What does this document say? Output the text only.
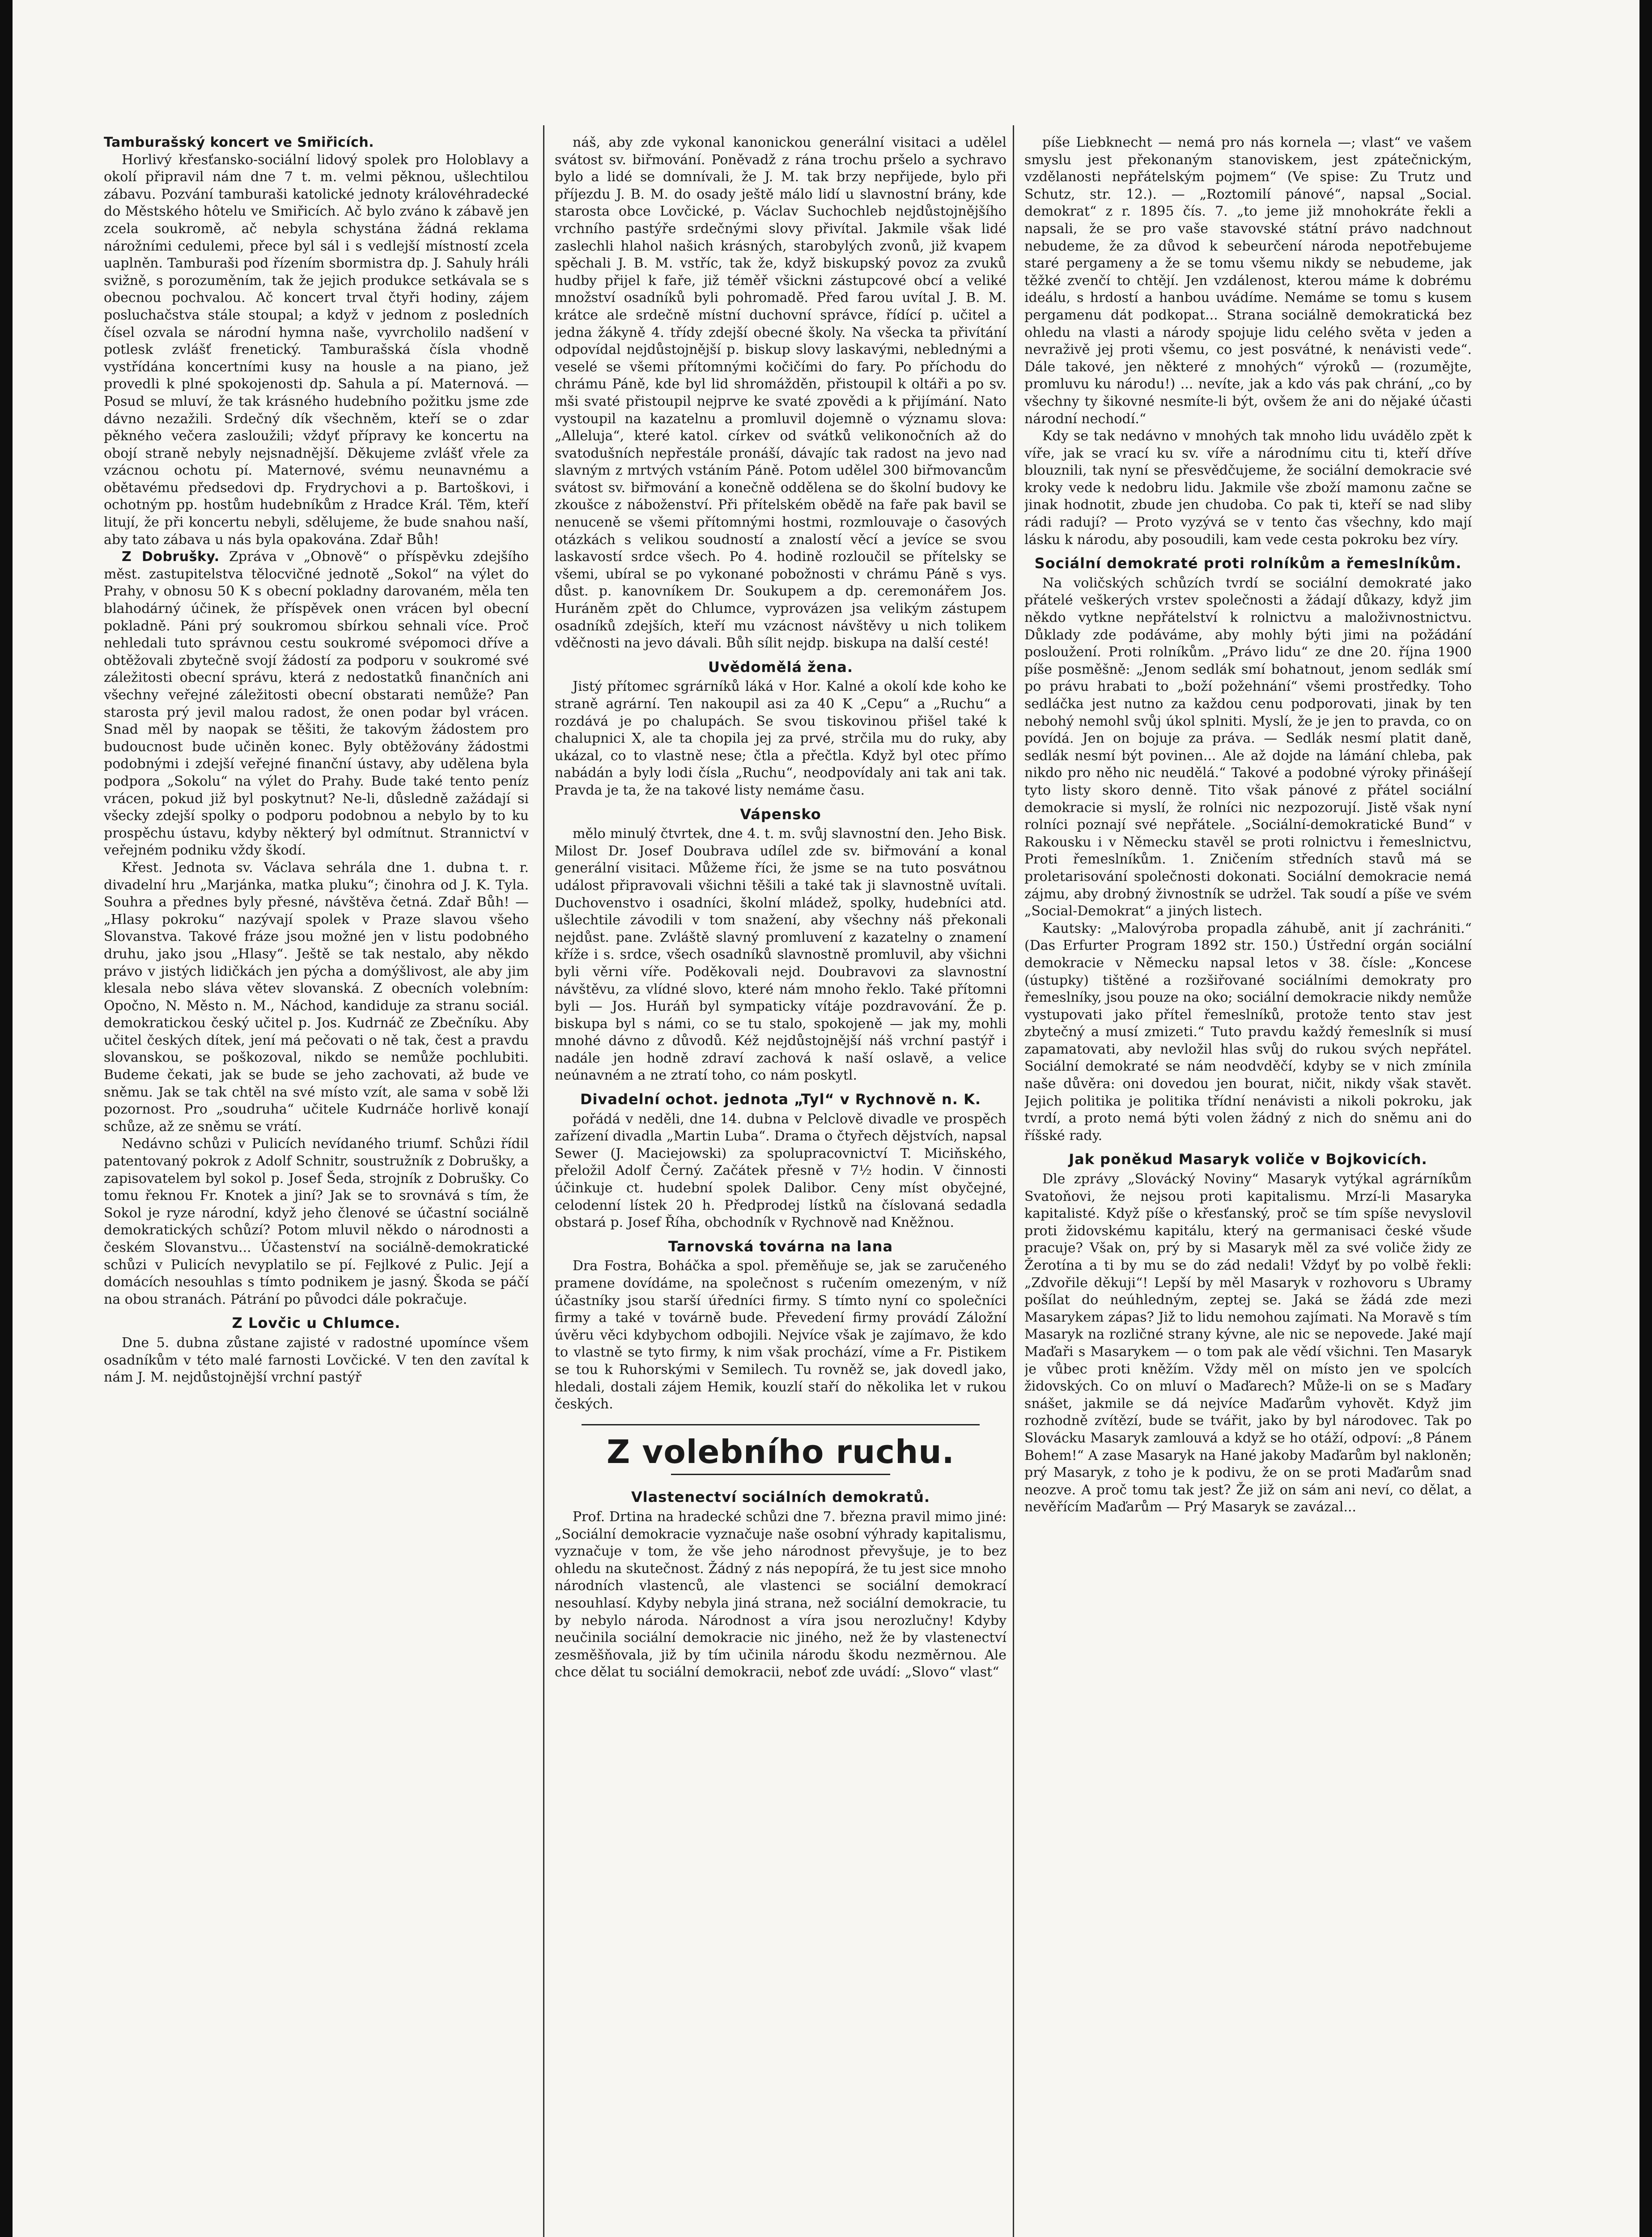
Tamburašský koncert ve Smiřicích.

Horlivý křesťansko-sociální lidový spolek pro Holoblavy a okolí připravil nám dne 7 t. m. velmi pěknou, ušlechtilou zábavu. Pozvání tamburaši katolické jednoty královéhradecké do Městského hôtelu ve Smiřicích. Ač bylo zváno k zábavě jen zcela soukromě, ač nebyla schystána žádná reklama nárožními cedulemi, přece byl sál i s vedlejší místností zcela uaplněn. Tamburaši pod řízením sbormistra dp. J. Sahuly hráli svižně, s porozuměním, tak že jejich produkce setkávala se s obecnou pochvalou. Ač koncert trval čtyři hodiny, zájem posluchačstva stále stoupal; a když v jednom z posledních čísel ozvala se národní hymna naše, vyvrcholilo nadšení v potlesk zvlášť frenetický. Tamburašská čísla vhodně vystřídána koncertními kusy na housle a na piano, jež provedli k plné spokojenosti dp. Sahula a pí. Maternová. — Posud se mluví, že tak krásného hudebního požitku jsme zde dávno nezažili. Srdečný dík všechněm, kteří se o zdar pěkného večera zasloužili; vždyť přípravy ke koncertu na obojí straně nebyly nejsnadnější. Děkujeme zvlášť vřele za vzácnou ochotu pí. Maternové, svému neunavnému a obětavému předsedovi dp. Frydrychovi a p. Bartoškovi, i ochotným pp. hostům hudebníkům z Hradce Král. Těm, kteří litují, že při koncertu nebyli, sdělujeme, že bude snahou naší, aby tato zábava u nás byla opakována. Zdař Bůh!

Z Dobrušky. Zpráva v „Obnově“ o příspěvku zdejšího měst. zastupitelstva tělocvičné jednotě „Sokol“ na výlet do Prahy, v obnosu 50 K s obecní pokladny darovaném, měla ten blahodárný účinek, že příspěvek onen vrácen byl obecní pokladně. Páni prý soukromou sbírkou sehnali více. Proč nehledali tuto správnou cestu soukromé svépomoci dříve a obtěžovali zbytečně svojí žádostí za podporu v soukromé své záležitosti obecní správu, která z nedostatků finančních ani všechny veřejné záležitosti obecní obstarati nemůže? Pan starosta prý jevil malou radost, že onen podar byl vrácen. Snad měl by naopak se těšiti, že takovým žádostem pro budoucnost bude učiněn konec. Byly obtěžovány žádostmi podobnými i zdejší veřejné finanční ústavy, aby udělena byla podpora „Sokolu“ na výlet do Prahy. Bude také tento peníz vrácen, pokud již byl poskytnut? Ne-li, důsledně zažádají si všecky zdejší spolky o podporu podobnou a nebylo by to ku prospěchu ústavu, kdyby některý byl odmítnut. Strannictví v veřejném podniku vždy škodí.

Křest. Jednota sv. Václava sehrála dne 1. dubna t. r. divadelní hru „Marjánka, matka pluku“; činohra od J. K. Tyla. Souhra a přednes byly přesné, návštěva četná. Zdař Bůh! — „Hlasy pokroku“ nazývají spolek v Praze slavou všeho Slovanstva. Takové fráze jsou možné jen v listu podobného druhu, jako jsou „Hlasy“. Ještě se tak nestalo, aby někdo právo v jistých lidičkách jen pýcha a domýšlivost, ale aby jim klesala nebo sláva větev slovanská. Z obecních volebním: Opočno, N. Město n. M., Náchod, kandiduje za stranu sociál. demokratickou český učitel p. Jos. Kudrnáč ze Zbečníku. Aby učitel českých dítek, jení má pečovati o ně tak, čest a pravdu slovanskou, se poškozoval, nikdo se nemůže pochlubiti. Budeme čekati, jak se bude se jeho zachovati, až bude ve sněmu. Jak se tak chtěl na své místo vzít, ale sama v sobě lži pozornost. Pro „soudruha“ učitele Kudrnáče horlivě konají schůze, až ze sněmu se vrátí.

Nedávno schůzi v Pulicích nevídaného triumf. Schůzi řídil patentovaný pokrok z Adolf Schnitr, soustružník z Dobrušky, a zapisovatelem byl sokol p. Josef Šeda, strojník z Dobrušky. Co tomu řeknou Fr. Knotek a jiní? Jak se to srovnává s tím, že Sokol je ryze národní, když jeho členové se účastní sociálně demokratických schůzí? Potom mluvil někdo o národnosti a českém Slovanstvu... Účastenství na sociálně-demokratické schůzi v Pulicích nevyplatilo se pí. Fejlkové z Pulic. Její a domácích nesouhlas s tímto podnikem je jasný. Škoda se páčí na obou stranách. Pátrání po původci dále pokračuje.

Z Lovčic u Chlumce.

Dne 5. dubna zůstane zajisté v radostné upomínce všem osadníkům v této malé farnosti Lovčické. V ten den zavítal k nám J. M. nejdůstojnější vrchní pastýř

náš, aby zde vykonal kanonickou generální visitaci a udělel svátost sv. biřmování. Poněvadž z rána trochu pršelo a sychravo bylo a lidé se domnívali, že J. M. tak brzy nepřijede, bylo při příjezdu J. B. M. do osady ještě málo lidí u slavnostní brány, kde starosta obce Lovčické, p. Václav Suchochleb nejdůstojnějšího vrchního pastýře srdečnými slovy přivítal. Jakmile však lidé zaslechli hlahol našich krásných, starobylých zvonů, již kvapem spěchali J. B. M. vstříc, tak že, když biskupský povoz za zvuků hudby přijel k faře, již téměř všickni zástupcové obcí a veliké množství osadníků byli pohromadě. Před farou uvítal J. B. M. krátce ale srdečně místní duchovní správce, řídící p. učitel a jedna žákyně 4. třídy zdejší obecné školy. Na všecka ta přivítání odpovídal nejdůstojnější p. biskup slovy laskavými, neblednými a veselé se všemi přítomnými kočičími do fary. Po příchodu do chrámu Páně, kde byl lid shromážděn, přistoupil k oltáři a po sv. mši svaté přistoupil nejprve ke svaté zpovědi a k přijímání. Nato vystoupil na kazatelnu a promluvil dojemně o významu slova: „Alleluja“, které katol. církev od svátků velikonočních až do svatodušních nepřestále pronáší, dávajíc tak radost na jevo nad slavným z mrtvých vstáním Páně. Potom udělel 300 biřmovancům svátost sv. biřmování a konečně oddělena se do školní budovy ke zkoušce z náboženství. Při přítelském obědě na faře pak bavil se nenuceně se všemi přítomnými hostmi, rozmlouvaje o časových otázkách s velikou soudností a znalostí věcí a jevíce se svou laskavostí srdce všech. Po 4. hodině rozloučil se přítelsky se všemi, ubíral se po vykonané pobožnosti v chrámu Páně s vys. důst. p. kanovníkem Dr. Soukupem a dp. ceremonářem Jos. Huráněm zpět do Chlumce, vyprovázen jsa velikým zástupem osadníků zdejších, kteří mu vzácnost návštěvy u nich tolikem vděčnosti na jevo dávali. Bůh sílit nejdp. biskupa na další cesté!

Uvědomělá žena.

Jistý přítomec sgrárníků láká v Hor. Kalné a okolí kde koho ke straně agrární. Ten nakoupil asi za 40 K „Cepu“ a „Ruchu“ a rozdává je po chalupách. Se svou tiskovinou přišel také k chalupnici X, ale ta chopila jej za prvé, strčila mu do ruky, aby ukázal, co to vlastně nese; čtla a přečtla. Když byl otec přímo nabádán a byly lodi čísla „Ruchu“, neodpovídaly ani tak ani tak. Pravda je ta, že na takové listy nemáme času.

Vápensko

mělo minulý čtvrtek, dne 4. t. m. svůj slavnostní den. Jeho Bisk. Milost Dr. Josef Doubrava udílel zde sv. biřmování a konal generální visitaci. Můžeme říci, že jsme se na tuto posvátnou událost připravovali všichni těšili a také tak ji slavnostně uvítali. Duchovenstvo i osadníci, školní mládež, spolky, hudebníci atd. ušlechtile závodili v tom snažení, aby všechny náš překonali nejdůst. pane. Zvláště slavný promluvení z kazatelny o znamení kříže i s. srdce, všech osadníků slavnostně promluvil, aby všichni byli věrni víře. Poděkovali nejd. Doubravovi za slavnostní návštěvu, za vlídné slovo, které nám mnoho řeklo. Také přítomni byli — Jos. Huráň byl sympaticky vítáje pozdravování. Že p. biskupa byl s námi, co se tu stalo, spokojeně — jak my, mohli mnohé dávno z důvodů. Kéž nejdůstojnější náš vrchní pastýř i nadále jen hodně zdraví zachová k naší oslavě, a velice neúnavném a ne ztratí toho, co nám poskytl.

Divadelní ochot. jednota „Tyl“ v Rychnově n. K.

pořádá v neděli, dne 14. dubna v Pelclově divadle ve prospěch zařízení divadla „Martin Luba“. Drama o čtyřech dějstvích, napsal Sewer (J. Maciejowski) za spolupracovnictví T. Miciňského, přeložil Adolf Černý. Začátek přesně v 7½ hodin. V činnosti účinkuje ct. hudební spolek Dalibor. Ceny míst obyčejné, celodenní lístek 20 h. Předprodej lístků na číslovaná sedadla obstará p. Josef Říha, obchodník v Rychnově nad Kněžnou.

Tarnovská továrna na lana

Dra Fostra, Boháčka a spol. přeměňuje se, jak se zaručeného pramene dovídáme, na společnost s ručením omezeným, v níž účastníky jsou starší úředníci firmy. S tímto nyní co společníci firmy a také v továrně bude. Převedení firmy provádí Záložní úvěru věci kdybychom odbojili. Nejvíce však je zajímavo, že kdo to vlastně se tyto firmy, k nim však prochází, víme a Fr. Pistikem se tou k Ruhorskými v Semilech. Tu rovněž se, jak dovedl jako, hledali, dostali zájem Hemik, kouzlí staří do několika let v rukou českých.

Z volebního ruchu.
Vlastenectví sociálních demokratů.

Prof. Drtina na hradecké schůzi dne 7. března pravil mimo jiné: „Sociální demokracie vyznačuje naše osobní výhrady kapitalismu, vyznačuje v tom, že vše jeho národnost převyšuje, je to bez ohledu na skutečnost. Žádný z nás nepopírá, že tu jest sice mnoho národních vlastenců, ale vlastenci se sociální demokrací nesouhlasí. Kdyby nebyla jiná strana, než sociální demokracie, tu by nebylo národa. Národnost a víra jsou nerozlučny! Kdyby neučinila sociální demokracie nic jiného, než že by vlastenectví zesměšňovala, již by tím učinila národu škodu nezměrnou. Ale chce dělat tu sociální demokracii, neboť zde uvádí: „Slovo“ vlast“

píše Liebknecht — nemá pro nás kornela —; vlast“ ve vašem smyslu jest překonaným stanoviskem, jest zpátečnickým, vzdělanosti nepřátelským pojmem“ (Ve spise: Zu Trutz und Schutz, str. 12.). — „Roztomilí pánové“, napsal „Social. demokrat“ z r. 1895 čís. 7. „to jeme již mnohokráte řekli a napsali, že se pro vaše stavovské státní právo nadchnout nebudeme, že za důvod k sebeurčení národa nepotřebujeme staré pergameny a že se tomu všemu nikdy se nebudeme, jak těžké zvenčí to chtějí. Jen vzdálenost, kterou máme k dobrému ideálu, s hrdostí a hanbou uvádíme. Nemáme se tomu s kusem pergamenu dát podkopat... Strana sociálně demokratická bez ohledu na vlasti a národy spojuje lidu celého světa v jeden a nevraživě jej proti všemu, co jest posvátné, k nenávisti vede“. Dále takové, jen některé z mnohých“ výroků — (rozumějte, promluvu ku národu!) ... nevíte, jak a kdo vás pak chrání, „co by všechny ty šikovné nesmíte-li být, ovšem že ani do nějaké účasti národní nechodí.“

Kdy se tak nedávno v mnohých tak mnoho lidu uvádělo zpět k víře, jak se vrací ku sv. víře a národnímu citu ti, kteří dříve blouznili, tak nyní se přesvědčujeme, že sociální demokracie své kroky vede k nedobru lidu. Jakmile vše zboží mamonu začne se jinak hodnotit, zbude jen chudoba. Co pak ti, kteří se nad sliby rádi radují? — Proto vyzývá se v tento čas všechny, kdo mají lásku k národu, aby posoudili, kam vede cesta pokroku bez víry.

Sociální demokraté proti rolníkům a řemeslníkům.

Na voličských schůzích tvrdí se sociální demokraté jako přátelé veškerých vrstev společnosti a žádají důkazy, když jim někdo vytkne nepřátelství k rolnictvu a maloživnostnictvu. Důklady zde podáváme, aby mohly býti jimi na požádání posloužení. Proti rolníkům. „Právo lidu“ ze dne 20. října 1900 píše posměšně: „Jenom sedlák smí bohatnout, jenom sedlák smí po právu hrabati to „boží požehnání“ všemi prostředky. Toho sedláčka jest nutno za každou cenu podporovati, jinak by ten nebohý nemohl svůj úkol splniti. Myslí, že je jen to pravda, co on povídá. Jen on bojuje za práva. — Sedlák nesmí platit daně, sedlák nesmí být povinen... Ale až dojde na lámání chleba, pak nikdo pro něho nic neudělá.“ Takové a podobné výroky přinášejí tyto listy skoro denně. Tito však pánové z přátel sociální demokracie si myslí, že rolníci nic nezpozorují. Jistě však nyní rolníci poznají své nepřátele. „Sociální-demokratické Bund“ v Rakousku i v Německu stavěl se proti rolnictvu i řemeslnictvu, Proti řemeslníkům. 1. Zničením středních stavů má se proletarisování společnosti dokonati. Sociální demokracie nemá zájmu, aby drobný živnostník se udržel. Tak soudí a píše ve svém „Social-Demokrat“ a jiných listech.

Kautsky: „Malovýroba propadla záhubě, anit jí zachrániti.“ (Das Erfurter Program 1892 str. 150.) Ústřední orgán sociální demokracie v Německu napsal letos v 38. čísle: „Koncese (ústupky) tištěné a rozšiřované sociálními demokraty pro řemeslníky, jsou pouze na oko; sociální demokracie nikdy nemůže vystupovati jako přítel řemeslníků, protože tento stav jest zbytečný a musí zmizeti.“ Tuto pravdu každý řemeslník si musí zapamatovati, aby nevložil hlas svůj do rukou svých nepřátel. Sociální demokraté se nám neodvděčí, kdyby se v nich zmínila naše důvěra: oni dovedou jen bourat, ničit, nikdy však stavět. Jejich politika je politika třídní nenávisti a nikoli pokroku, jak tvrdí, a proto nemá býti volen žádný z nich do sněmu ani do říšské rady.

Jak poněkud Masaryk voliče v Bojkovicích.

Dle zprávy „Slovácký Noviny“ Masaryk vytýkal agrárníkům Svatoňovi, že nejsou proti kapitalismu. Mrzí-li Masaryka kapitalisté. Když píše o křesťanský, proč se tím spíše nevyslovil proti židovskému kapitálu, který na germanisaci české všude pracuje? Však on, prý by si Masaryk měl za své voliče židy ze Žerotína a ti by mu se do zád nedali! Vždyť by po volbě řekli: „Zdvořile děkuji“! Lepší by měl Masaryk v rozhovoru s Ubramy pošílat do neúhledným, zeptej se. Jaká se žádá zde mezi Masarykem zápas? Již to lidu nemohou zajímati. Na Moravě s tím Masaryk na rozličné strany kývne, ale nic se nepovede. Jaké mají Maďaři s Masarykem — o tom pak ale vědí všichni. Ten Masaryk je vůbec proti kněžím. Vždy měl on místo jen ve spolcích židovských. Co on mluví o Maďarech? Může-li on se s Maďary snášet, jakmile se dá nejvíce Maďarům vyhovět. Když jim rozhodně zvítězí, bude se tvářit, jako by byl národovec. Tak po Slovácku Masaryk zamlouvá a když se ho otáží, odpoví: „8 Pánem Bohem!“ A zase Masaryk na Hané jakoby Maďarům byl nakloněn; prý Masaryk, z toho je k podivu, že on se proti Maďarům snad neozve. A proč tomu tak jest? Že již on sám ani neví, co dělat, a nevěřícím Maďarům — Prý Masaryk se zavázal...
